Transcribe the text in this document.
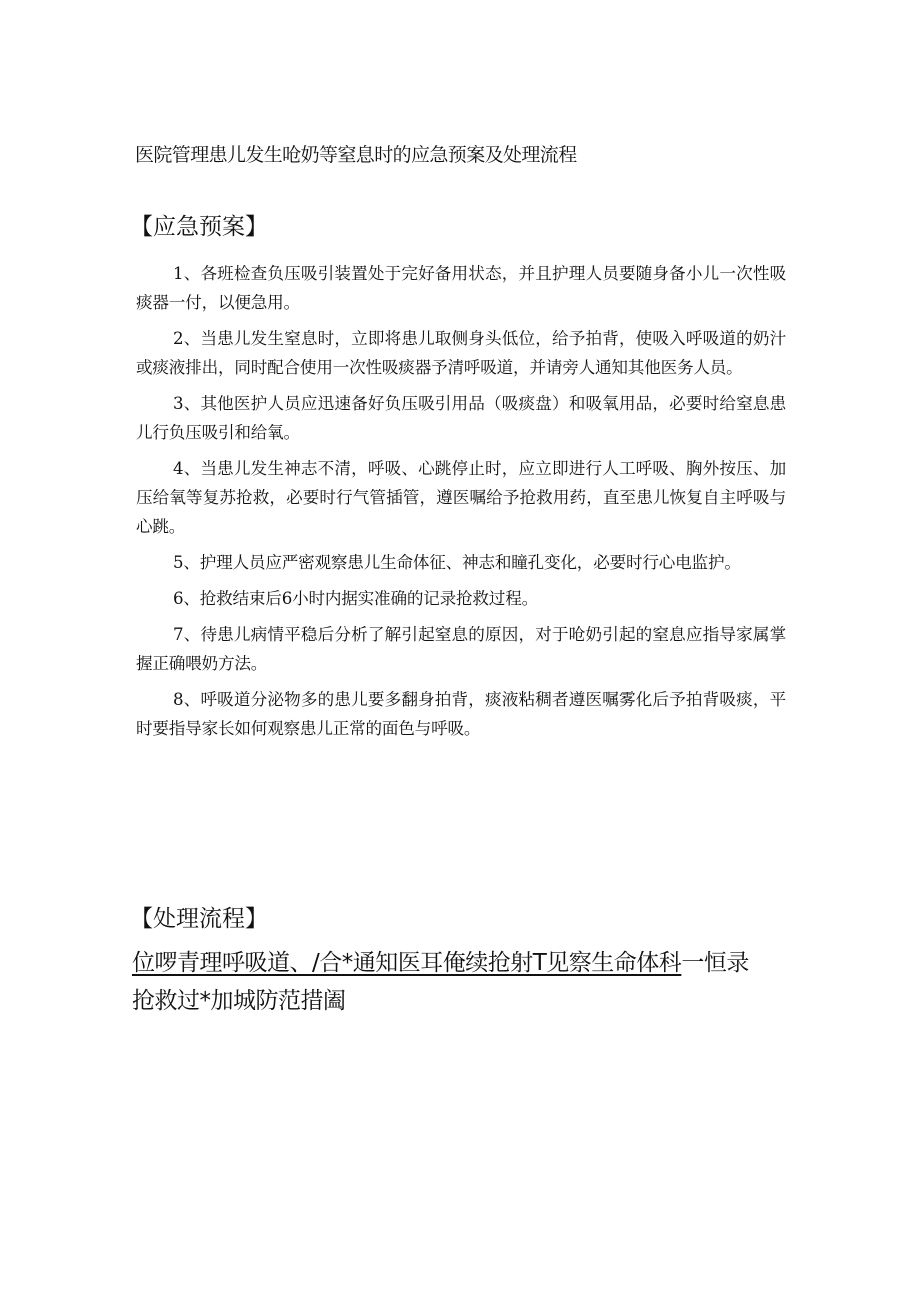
医院管理患儿发生呛奶等窒息时的应急预案及处理流程
【应急预案】
1、各班检查负压吸引装置处于完好备用状态，并且护理人员要随身备小儿一次性吸痰器一付，以便急用。
2、当患儿发生窒息时，立即将患儿取侧身头低位，给予拍背，使吸入呼吸道的奶汁或痰液排出，同时配合使用一次性吸痰器予清呼吸道，并请旁人通知其他医务人员。
3、其他医护人员应迅速备好负压吸引用品（吸痰盘）和吸氧用品，必要时给窒息患儿行负压吸引和给氧。
4、当患儿发生神志不清，呼吸、心跳停止时，应立即进行人工呼吸、胸外按压、加压给氧等复苏抢救，必要时行气管插管，遵医嘱给予抢救用药，直至患儿恢复自主呼吸与心跳。
5、护理人员应严密观察患儿生命体征、神志和瞳孔变化，必要时行心电监护。
6、抢救结束后6小时内据实准确的记录抢救过程。
7、待患儿病情平稳后分析了解引起窒息的原因，对于呛奶引起的窒息应指导家属掌握正确喂奶方法。
8、呼吸道分泌物多的患儿要多翻身拍背，痰液粘稠者遵医嘱雾化后予拍背吸痰，平时要指导家长如何观察患儿正常的面色与呼吸。
【处理流程】
位啰青理呼吸道、/合*通知医耳俺续抢射T见察生命体科一恒录
抢救过*加城防范措阖
